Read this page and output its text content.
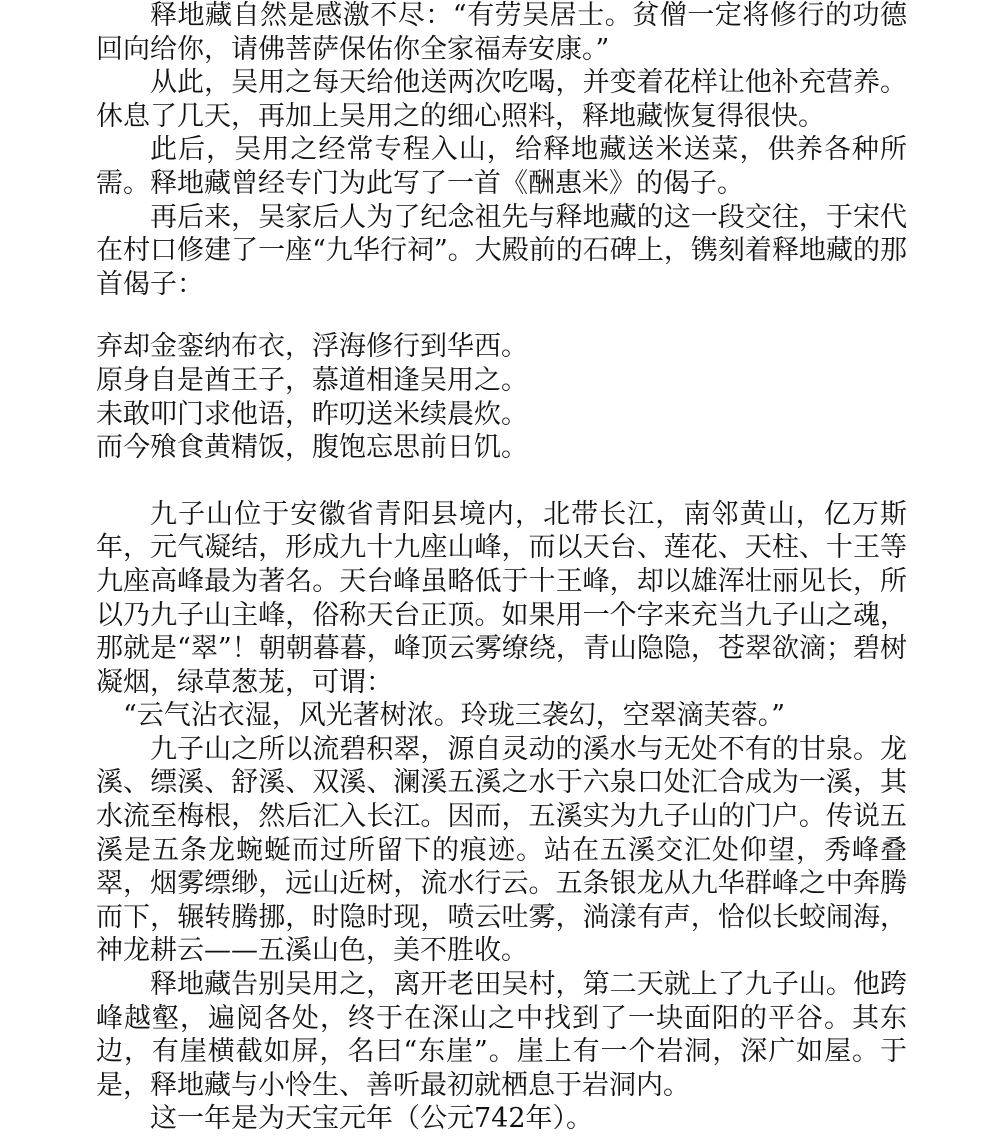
释地藏自然是感激不尽：“有劳吴居士。贫僧一定将修行的功德回向给你，请佛菩萨保佑你全家福寿安康。”

从此，吴用之每天给他送两次吃喝，并变着花样让他补充营养。休息了几天，再加上吴用之的细心照料，释地藏恢复得很快。

此后，吴用之经常专程入山，给释地藏送米送菜，供养各种所需。释地藏曾经专门为此写了一首《酬惠米》的偈子。

再后来，吴家后人为了纪念祖先与释地藏的这一段交往，于宋代在村口修建了一座“九华行祠”。大殿前的石碑上，镌刻着释地藏的那首偈子：

弃却金銮纳布衣，浮海修行到华西。
原身自是酋王子，慕道相逢吴用之。
未敢叩门求他语，昨叨送米续晨炊。
而今飱食黄精饭，腹饱忘思前日饥。

九子山位于安徽省青阳县境内，北带长江，南邻黄山，亿万斯年，元气凝结，形成九十九座山峰，而以天台、莲花、天柱、十王等九座高峰最为著名。天台峰虽略低于十王峰，却以雄浑壮丽见长，所以乃九子山主峰，俗称天台正顶。如果用一个字来充当九子山之魂，那就是“翠”！朝朝暮暮，峰顶云雾缭绕，青山隐隐，苍翠欲滴；碧树凝烟，绿草葱茏，可谓：

“云气沾衣湿，风光著树浓。玲珑三袭幻，空翠滴芙蓉。”

九子山之所以流碧积翠，源自灵动的溪水与无处不有的甘泉。龙溪、缥溪、舒溪、双溪、澜溪五溪之水于六泉口处汇合成为一溪，其水流至梅根，然后汇入长江。因而，五溪实为九子山的门户。传说五溪是五条龙蜿蜒而过所留下的痕迹。站在五溪交汇处仰望，秀峰叠翠，烟雾缥缈，远山近树，流水行云。五条银龙从九华群峰之中奔腾而下，辗转腾挪，时隐时现，喷云吐雾，淌漾有声，恰似长蛟闹海，神龙耕云——五溪山色，美不胜收。

释地藏告别吴用之，离开老田吴村，第二天就上了九子山。他跨峰越壑，遍阅各处，终于在深山之中找到了一块面阳的平谷。其东边，有崖横截如屏，名曰“东崖”。崖上有一个岩洞，深广如屋。于是，释地藏与小怜生、善听最初就栖息于岩洞内。

这一年是为天宝元年（公元742年）。
